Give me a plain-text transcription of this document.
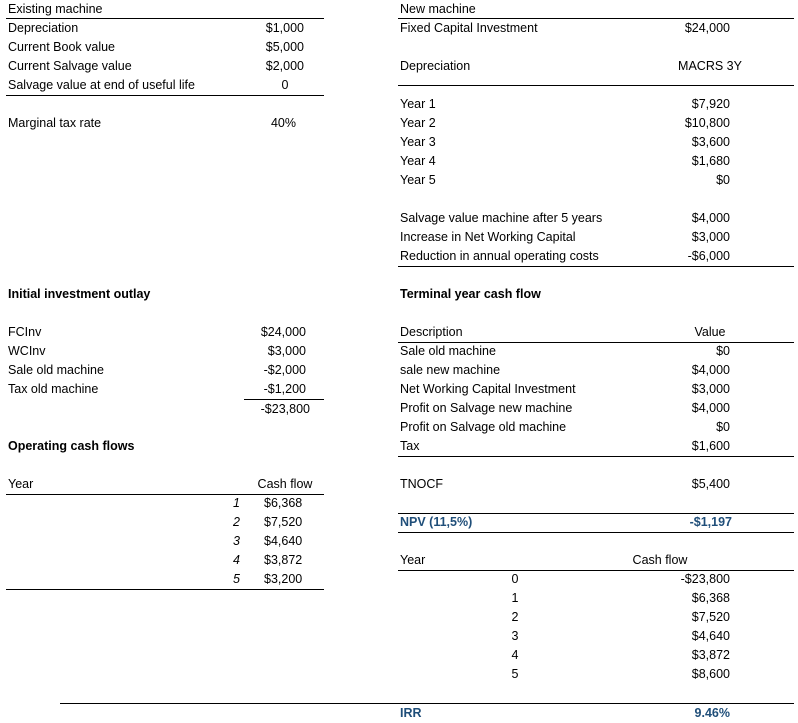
Existing machine
Depreciation	$1,000
Current Book value	$5,000
Current Salvage value	$2,000
Salvage value at end of useful life	0
Marginal tax rate	40%
New machine
Fixed Capital Investment	$24,000
Depreciation	MACRS 3Y
Year 1	$7,920
Year 2	$10,800
Year 3	$3,600
Year 4	$1,680
Year 5	$0
Salvage value machine after 5 years	$4,000
Increase in Net Working Capital	$3,000
Reduction in annual operating costs	-$6,000
Initial investment outlay
FCInv	$24,000
WCInv	$3,000
Sale old machine	-$2,000
Tax old machine	-$1,200
-$23,800
Terminal year cash flow
Description	Value
Sale old machine	$0
sale new machine	$4,000
Net Working Capital Investment	$3,000
Profit on Salvage new machine	$4,000
Profit on Salvage old machine	$0
Tax	$1,600
TNOCF	$5,400
NPV (11,5%)	-$1,197
Operating cash flows
Year	Cash flow
1 $6,368
2 $7,520
3 $4,640
4 $3,872
5 $3,200
Year	Cash flow
0	-$23,800
1	$6,368
2	$7,520
3	$4,640
4	$3,872
5	$8,600
IRR	9.46%
